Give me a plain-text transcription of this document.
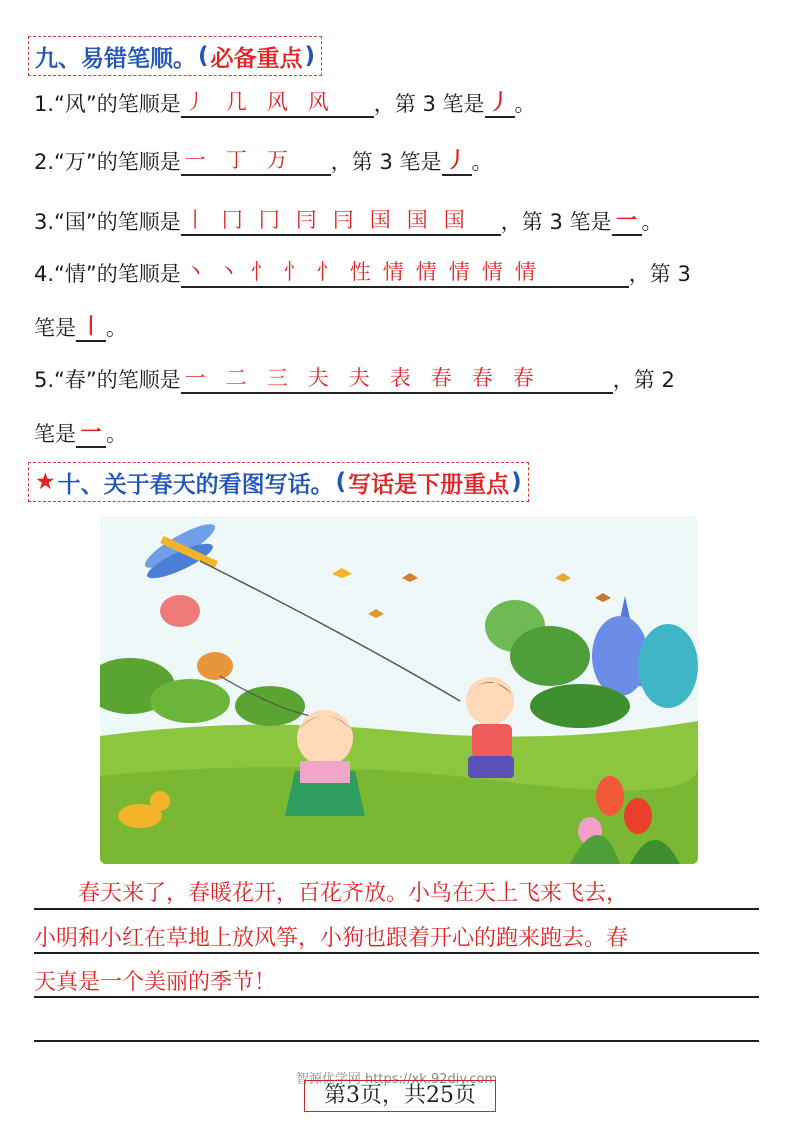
九、易错笔顺。 ( 必备重点 )
1.“风”的笔顺是 丿 几 风 风	，第 3 笔是 丿 。
2.“万”的笔顺是 一 丁 万	，第 3 笔是 丿 。
3.“国”的笔顺是 丨 冂 冂 冃 冃 国 国 国	，第 3 笔是 一 。
4.“情”的笔顺是 丶 丶 忄 忄 忄 性 情 情 情 情 情	，第 3
笔是 丨 。
5.“春”的笔顺是 一 二 三 夫 夫 表 春 春 春	，第 2
笔是 一 。
★ 十、关于春天的看图写话。 ( 写话是下册重点 )
　　春天来了，春暖花开，百花齐放。小鸟在天上飞来飞去，
小明和小红在草地上放风筝，小狗也跟着开心的跑来跑去。春
天真是一个美丽的季节！
智源优学网 https://xk.92diy.com
第3页，共25页
